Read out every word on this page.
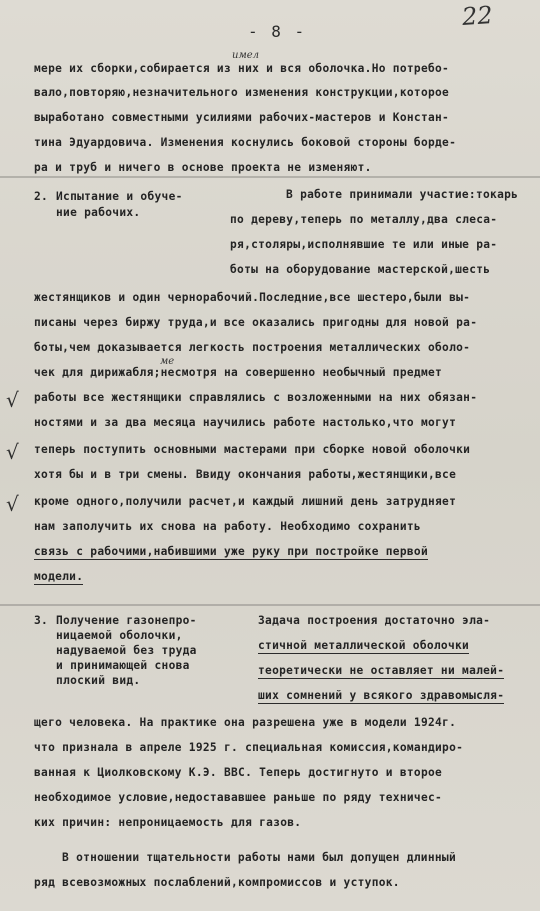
- 8 -
22
имел
мере их сборки,собирается из них и вся оболочка.Но потребо-
вало,повторяю,незначительного изменения конструкции,которое
выработано совместными усилиями рабочих-мастеров и Констан-
тина Эдуардовича. Изменения коснулись боковой стороны борде-
ра и труб и ничего в основе проекта не изменяют.
2. Испытание и обуче-
ние рабочих.
В работе принимали участие:токарь
по дереву,теперь по металлу,два слеса-
ря,столяры,исполнявшие те или иные ра-
боты на оборудование мастерской,шесть
жестянщиков и один чернорабочий.Последние,все шестеро,были вы-
писаны через биржу труда,и все оказались пригодны для новой ра-
боты,чем доказывается легкость построения металлических оболо-
ме
чек для дирижабля;несмотря на совершенно необычный предмет
√ работы все жестянщики справлялись с возложенными на них обязан-
ностями и за два месяца научились работе настолько,что могут
√ теперь поступить основными мастерами при сборке новой оболочки
хотя бы и в три смены. Ввиду окончания работы,жестянщики,все
√ кроме одного,получили расчет,и каждый лишний день затрудняет
нам заполучить их снова на работу. Необходимо сохранить
связь с рабочими,набившими уже руку при постройке первой
модели.
3. Получение газонепро-
ницаемой оболочки,
надуваемой без труда
и принимающей снова
плоский вид.
Задача построения достаточно эла-
стичной металлической оболочки
теоретически не оставляет ни малей-
ших сомнений у всякого здравомысля-
щего человека. На практике она разрешена уже в модели 1924г.
что признала в апреле 1925 г. специальная комиссия,командиро-
ванная к Циолковскому К.Э. ВВС. Теперь достигнуто и второе
необходимое условие,недостававшее раньше по ряду техничес-
ких причин: непроницаемость для газов.
В отношении тщательности работы нами был допущен длинный
ряд всевозможных послаблений,компромиссов и уступок.
